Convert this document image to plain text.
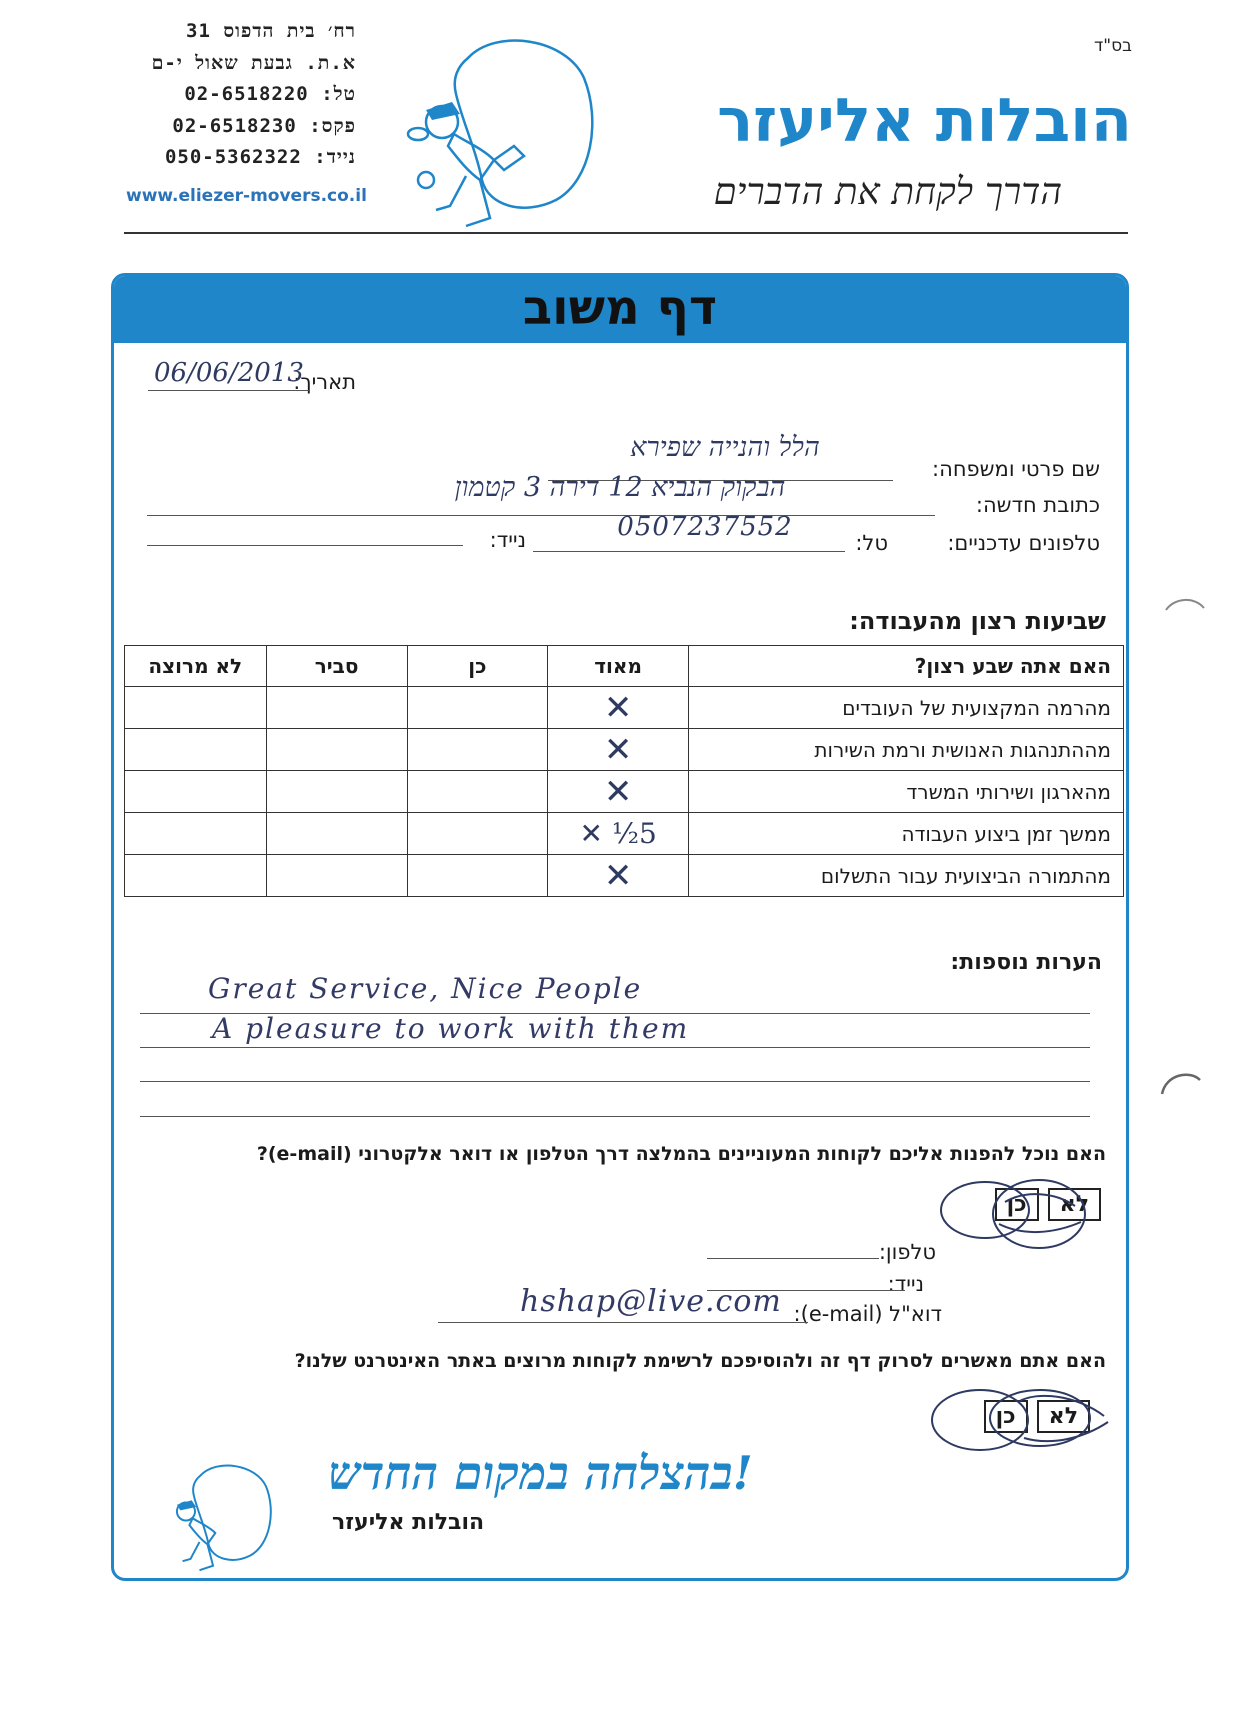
בס"ד
רח׳ בית הדפוס 31
א.ת. גבעת שאול י-ם
טל: 02-6518220
פקס: 02-6518230
נייד: 050-5362322
www.eliezer-movers.co.il
הובלות אליעזר
הדרך לקחת את הדברים
דף משוב
תאריך:
06/06/2013
שם פרטי ומשפחה:
הלל והנייה שפירא
כתובת חדשה:
הבקוק הנביא 12 דירה 3 קטמון
טלפונים עדכניים:
טל:
0507237552
נייד:
שביעות רצון מהעבודה:
האם אתה שבע רצון?	מאוד	כן	סביר	לא מרוצה
מהרמה המקצועית של העובדים	✕			
מההתנהגות האנושית ורמת השירות	✕			
מהארגון ושירותי המשרד	✕			
ממשך זמן ביצוע העבודה	5½ ✕			
מהתמורה הביצועית עבור התשלום	✕			
הערות נוספות:
Great Service, Nice People
A pleasure to work with them
האם נוכל להפנות אליכם לקוחות המעוניינים בהמלצה דרך הטלפון או דואר אלקטרוני (e-mail)?
לא כן
טלפון:
נייד:
דוא"ל (e-mail):
hshap@live.com
האם אתם מאשרים לסרוק דף זה ולהוסיפכם לרשימת לקוחות מרוצים באתר האינטרנט שלנו?
לא כן
!בהצלחה במקום החדש
הובלות אליעזר
